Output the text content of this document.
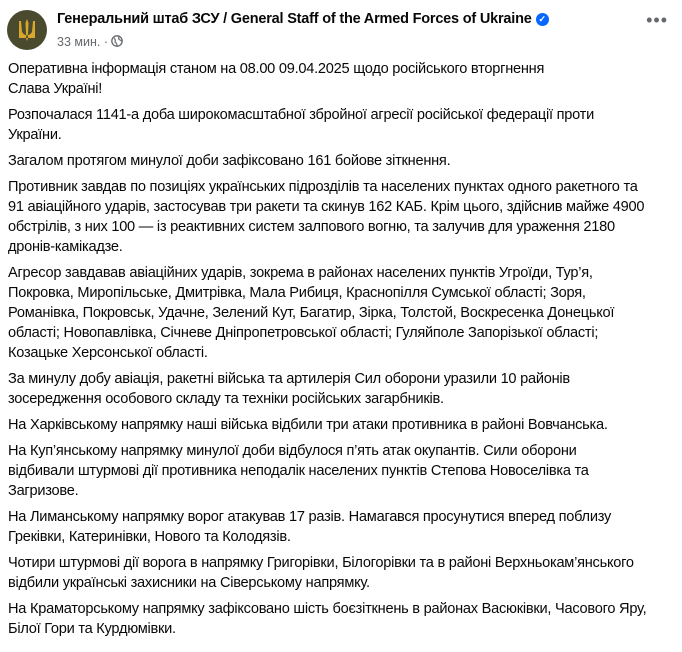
Генеральний штаб ЗСУ / General Staff of the Armed Forces of Ukraine ✓
33 мин. ·
•••
Оперативна інформація станом на 08.00 09.04.2025 щодо російського вторгнення
Слава Україні!
Розпочалася 1141-а доба широкомасштабної збройної агресії російської федерації проти
України.
Загалом протягом минулої доби зафіксовано 161 бойове зіткнення.
Противник завдав по позиціях українських підрозділів та населених пунктах одного ракетного та
91 авіаційного ударів, застосував три ракети та скинув 162 КАБ. Крім цього, здійснив майже 4900
обстрілів, з них 100 — із реактивних систем залпового вогню, та залучив для ураження 2180
дронів-камікадзе.
Агресор завдавав авіаційних ударів, зокрема в районах населених пунктів Угроїди, Тур’я,
Покровка, Миропільське, Дмитрівка, Мала Рибиця, Краснопілля Сумської області; Зоря,
Романівка, Покровськ, Удачне, Зелений Кут, Багатир, Зірка, Толстой, Воскресенка Донецької
області; Новопавлівка, Січневе Дніпропетровської області; Гуляйполе Запорізької області;
Козацьке Херсонської області.
За минулу добу авіація, ракетні війська та артилерія Сил оборони уразили 10 районів
зосередження особового складу та техніки російських загарбників.
На Харківському напрямку наші війська відбили три атаки противника в районі Вовчанська.
На Куп’янському напрямку минулої доби відбулося п’ять атак окупантів. Сили оборони
відбивали штурмові дії противника неподалік населених пунктів Степова Новоселівка та
Загризове.
На Лиманському напрямку ворог атакував 17 разів. Намагався просунутися вперед поблизу
Греківки, Катеринівки, Нового та Колодязів.
Чотири штурмові дії ворога в напрямку Григорівки, Білогорівки та в районі Верхньокам’янського
відбили українські захисники на Сіверському напрямку.
На Краматорському напрямку зафіксовано шість боєзіткнень в районах Васюківки, Часового Яру,
Білої Гори та Курдюмівки.
